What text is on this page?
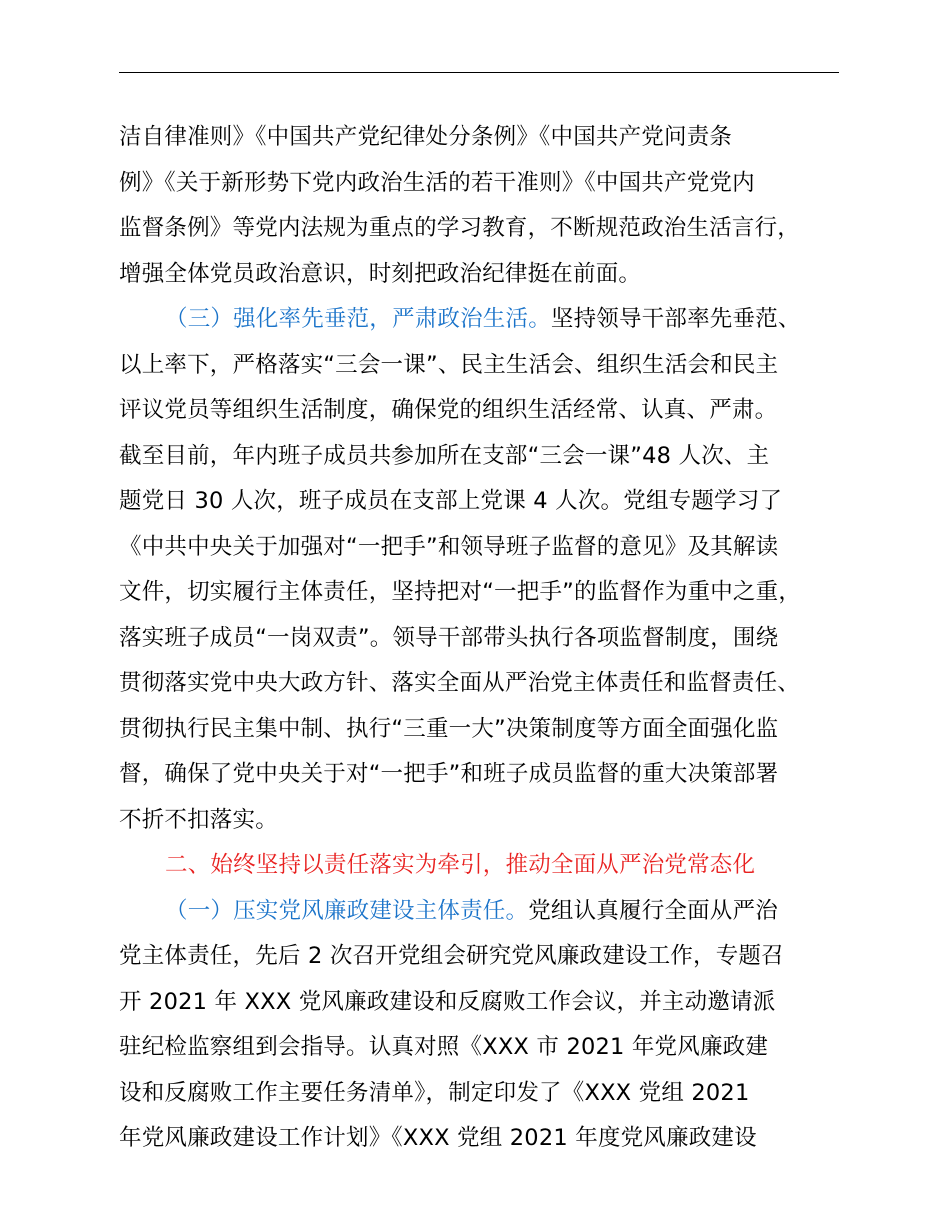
洁自律准则》《中国共产党纪律处分条例》《中国共产党问责条
例》《关于新形势下党内政治生活的若干准则》《中国共产党党内
监督条例》等党内法规为重点的学习教育，不断规范政治生活言行，
增强全体党员政治意识，时刻把政治纪律挺在前面。
（三）强化率先垂范，严肃政治生活。坚持领导干部率先垂范、
以上率下，严格落实“三会一课”、民主生活会、组织生活会和民主
评议党员等组织生活制度，确保党的组织生活经常、认真、严肃。
截至目前，年内班子成员共参加所在支部“三会一课”48 人次、主
题党日 30 人次，班子成员在支部上党课 4 人次。党组专题学习了
《中共中央关于加强对“一把手”和领导班子监督的意见》及其解读
文件，切实履行主体责任，坚持把对“一把手”的监督作为重中之重，
落实班子成员“一岗双责”。领导干部带头执行各项监督制度，围绕
贯彻落实党中央大政方针、落实全面从严治党主体责任和监督责任、
贯彻执行民主集中制、执行“三重一大”决策制度等方面全面强化监
督，确保了党中央关于对“一把手”和班子成员监督的重大决策部署
不折不扣落实。
二、始终坚持以责任落实为牵引，推动全面从严治党常态化
（一）压实党风廉政建设主体责任。党组认真履行全面从严治
党主体责任，先后 2 次召开党组会研究党风廉政建设工作，专题召
开 2021 年 XXX 党风廉政建设和反腐败工作会议，并主动邀请派
驻纪检监察组到会指导。认真对照《XXX 市 2021 年党风廉政建
设和反腐败工作主要任务清单》，制定印发了《XXX 党组 2021
年党风廉政建设工作计划》《XXX 党组 2021 年度党风廉政建设
